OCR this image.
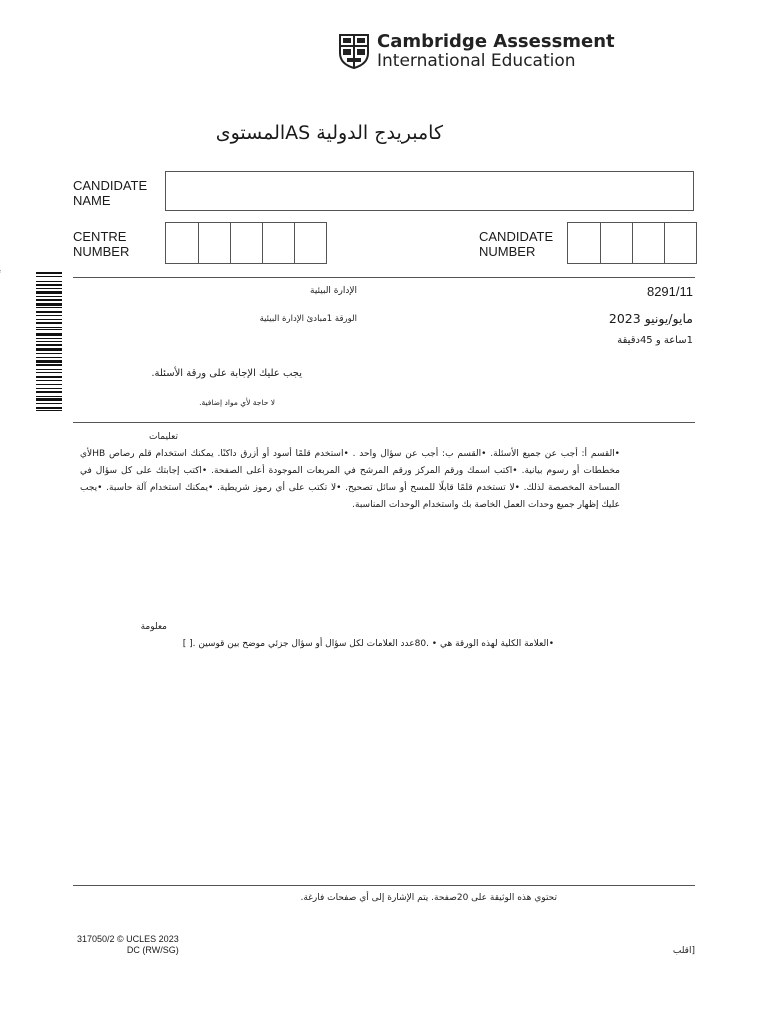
Cambridge Assessment
International Education
كامبريدج الدولية ASالمستوى
CANDIDATE
NAME
CENTRE
NUMBER
CANDIDATE
NUMBER
الإدارة البيئية	8291/11
الورقة 1مبادئ الإدارة البيئية	مايو/يونيو 2023
1ساعة و 45دقيقة
يجب عليك الإجابة على ورقة الأسئلة.
لا حاجة لأي مواد إضافية.
تعليمات
•القسم أ: أجب عن جميع الأسئلة. •القسم ب: أجب عن سؤال واحد . •استخدم قلمًا أسود أو أزرق داكنًا. يمكنك استخدام قلم رصاص HBلأي مخططات أو رسوم بيانية. •اكتب اسمك ورقم المركز ورقم المرشح في المربعات الموجودة أعلى الصفحة. •اكتب إجابتك على كل سؤال في المساحة المخصصة لذلك. •لا تستخدم قلمًا قابلًا للمسح أو سائل تصحيح. •لا تكتب على أي رموز شريطية. •يمكنك استخدام آلة حاسبة. •يجب عليك إظهار جميع وحدات العمل الخاصة بك واستخدام الوحدات المناسبة.
معلومة
•العلامة الكلية لهذه الورقة هي • .80عدد العلامات لكل سؤال أو سؤال جزئي موضح بين قوسين .[ ]
تحتوي هذه الوثيقة على 20صفحة. يتم الإشارة إلى أي صفحات فارغة.
317050/2 © UCLES 2023
DC (RW/SG)	[اقلب
